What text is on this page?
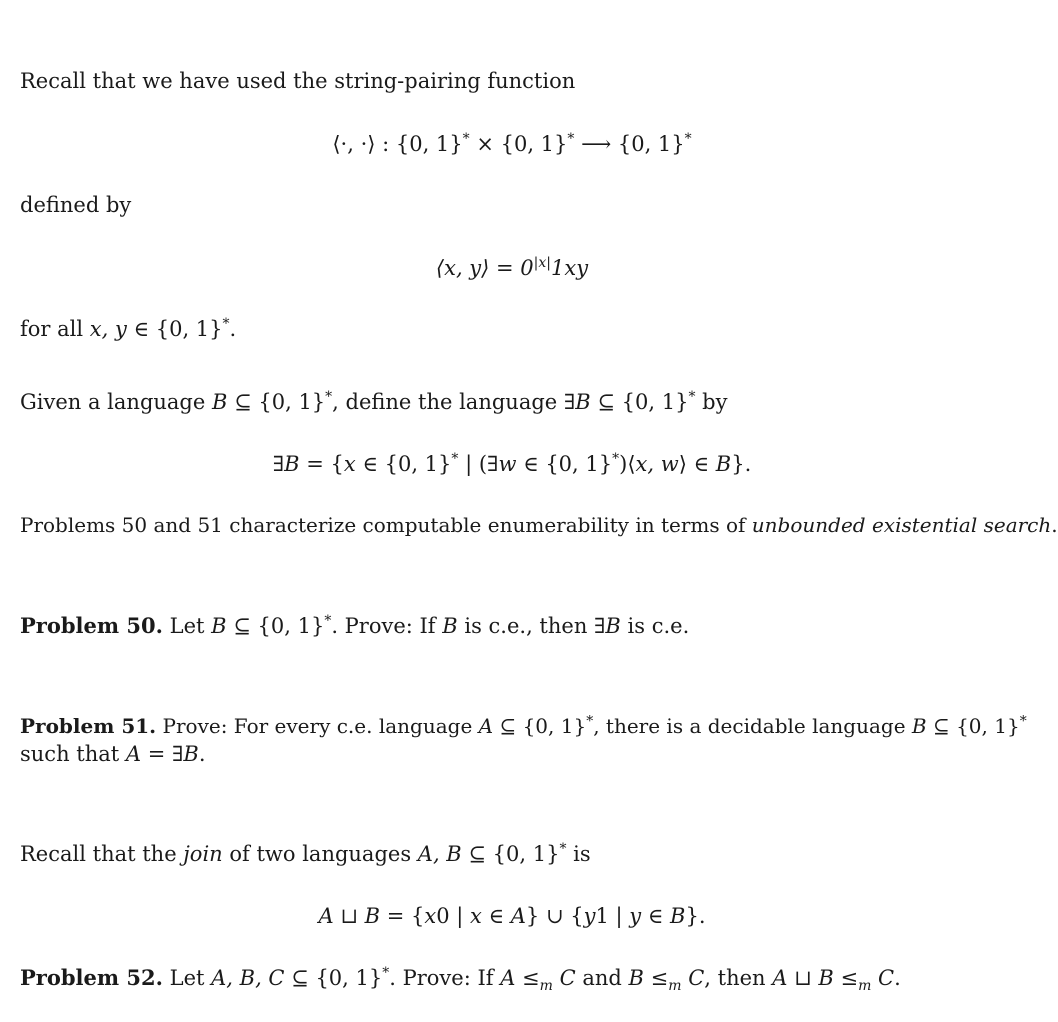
Recall that we have used the string-pairing function
⟨·, ·⟩ : {0, 1}* × {0, 1}* ⟶ {0, 1}*
defined by
⟨x, y⟩ = $0^{|x|}1xy$
for all x, y ∈ {0, 1}*.
Given a language B ⊆ {0, 1}*, define the language ∃B ⊆ {0, 1}* by
∃B = {x ∈ {0, 1}* | (∃w ∈ {0, 1}*)⟨x, w⟩ ∈ B}.
Problems 50 and 51 characterize computable enumerability in terms of unbounded existential search.
Problem 50. Let B ⊆ {0, 1}*. Prove: If B is c.e., then ∃B is c.e.
Problem 51. Prove: For every c.e. language A ⊆ {0, 1}*, there is a decidable language B ⊆ {0, 1}*
such that A = ∃B.
Recall that the join of two languages A, B ⊆ {0, 1}* is
A ⊔ B = {x0 | x ∈ A} ∪ {y1 | y ∈ B}.
Problem 52. Let A, B, C ⊆ {0, 1}*. Prove: If $A \le_m$ C and $B \le_m$ C, then A ⊔ $B \le_m$ C.
